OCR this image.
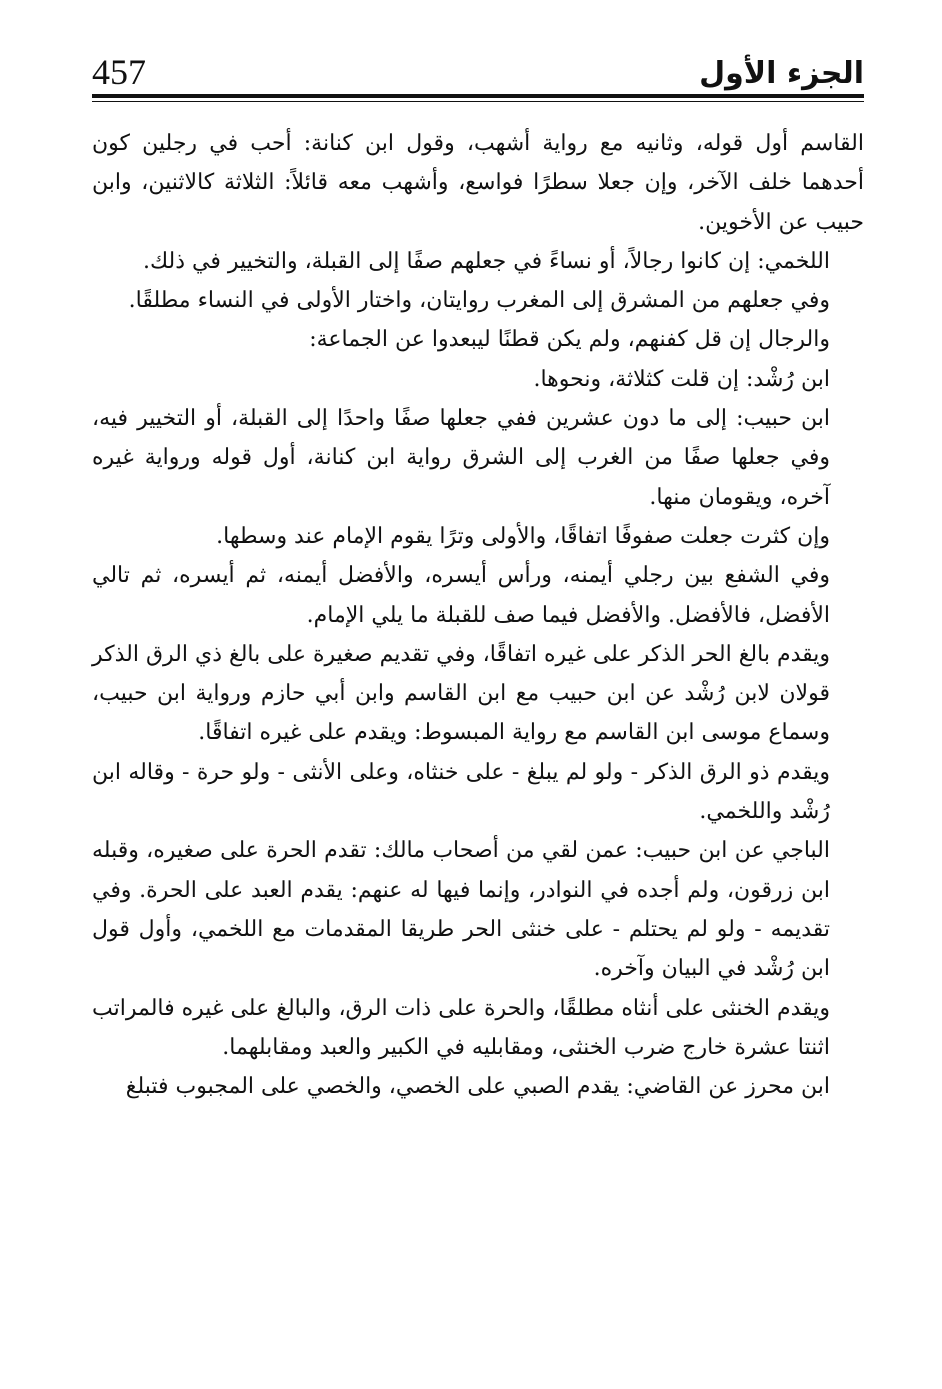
457	الجزء الأول

القاسم أول قوله، وثانيه مع رواية أشهب، وقول ابن كنانة: أحب في رجلين كون أحدهما خلف الآخر، وإن جعلا سطرًا فواسع، وأشهب معه قائلاً: الثلاثة كالاثنين، وابن حبيب عن الأخوين.

اللخمي: إن كانوا رجالاً، أو نساءً في جعلهم صفًا إلى القبلة، والتخيير في ذلك.

وفي جعلهم من المشرق إلى المغرب روايتان، واختار الأولى في النساء مطلقًا.

والرجال إن قل كفنهم، ولم يكن قطنًا ليبعدوا عن الجماعة:

ابن رُشْد: إن قلت كثلاثة، ونحوها.

ابن حبيب: إلى ما دون عشرين ففي جعلها صفًا واحدًا إلى القبلة، أو التخيير فيه، وفي جعلها صفًا من الغرب إلى الشرق رواية ابن كنانة، أول قوله ورواية غيره آخره، ويقومان منها.

وإن كثرت جعلت صفوفًا اتفاقًا، والأولى وترًا يقوم الإمام عند وسطها.

وفي الشفع بين رجلي أيمنه، ورأس أيسره، والأفضل أيمنه، ثم أيسره، ثم تالي الأفضل، فالأفضل. والأفضل فيما صف للقبلة ما يلي الإمام.

ويقدم بالغ الحر الذكر على غيره اتفاقًا، وفي تقديم صغيرة على بالغ ذي الرق الذكر قولان لابن رُشْد عن ابن حبيب مع ابن القاسم وابن أبي حازم ورواية ابن حبيب، وسماع موسى ابن القاسم مع رواية المبسوط: ويقدم على غيره اتفاقًا.

ويقدم ذو الرق الذكر - ولو لم يبلغ - على خنثاه، وعلى الأنثى - ولو حرة - وقاله ابن رُشْد واللخمي.

الباجي عن ابن حبيب: عمن لقي من أصحاب مالك: تقدم الحرة على صغيره، وقبله ابن زرقون، ولم أجده في النوادر، وإنما فيها له عنهم: يقدم العبد على الحرة. وفي تقديمه - ولو لم يحتلم - على خنثى الحر طريقا المقدمات مع اللخمي، وأول قول ابن رُشْد في البيان وآخره.

ويقدم الخنثى على أنثاه مطلقًا، والحرة على ذات الرق، والبالغ على غيره فالمراتب اثنتا عشرة خارج ضرب الخنثى، ومقابليه في الكبير والعبد ومقابلهما.

ابن محرز عن القاضي: يقدم الصبي على الخصي، والخصي على المجبوب فتبلغ
